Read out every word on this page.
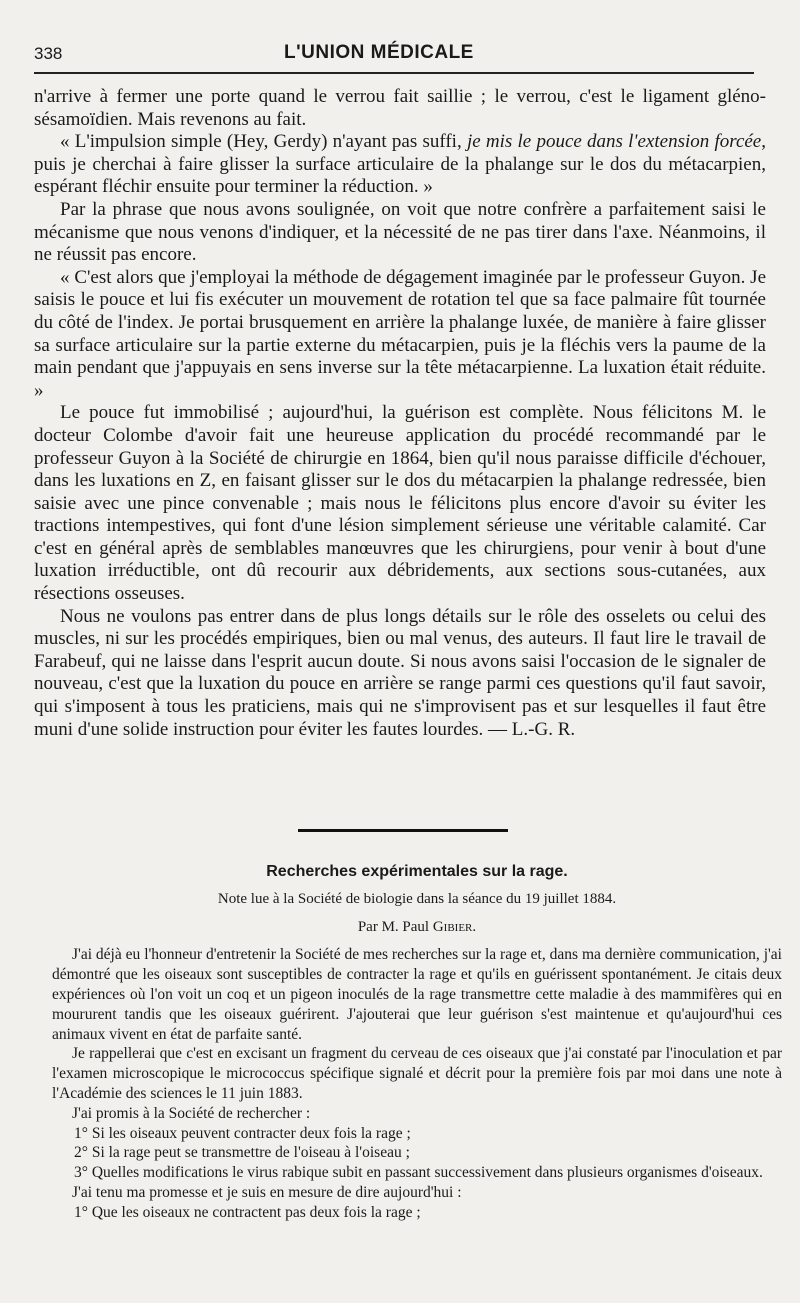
338	L'UNION MÉDICALE

n'arrive à fermer une porte quand le verrou fait saillie ; le verrou, c'est le ligament gléno-sésamoïdien. Mais revenons au fait.

« L'impulsion simple (Hey, Gerdy) n'ayant pas suffi, je mis le pouce dans l'extension forcée, puis je cherchai à faire glisser la surface articulaire de la phalange sur le dos du métacarpien, espérant fléchir ensuite pour terminer la réduction. »

Par la phrase que nous avons soulignée, on voit que notre confrère a parfaitement saisi le mécanisme que nous venons d'indiquer, et la nécessité de ne pas tirer dans l'axe. Néanmoins, il ne réussit pas encore.

« C'est alors que j'employai la méthode de dégagement imaginée par le professeur Guyon. Je saisis le pouce et lui fis exécuter un mouvement de rotation tel que sa face palmaire fût tournée du côté de l'index. Je portai brusquement en arrière la phalange luxée, de manière à faire glisser sa surface articulaire sur la partie externe du métacarpien, puis je la fléchis vers la paume de la main pendant que j'appuyais en sens inverse sur la tête métacarpienne. La luxation était réduite. »

Le pouce fut immobilisé ; aujourd'hui, la guérison est complète. Nous félicitons M. le docteur Colombe d'avoir fait une heureuse application du procédé recommandé par le professeur Guyon à la Société de chirurgie en 1864, bien qu'il nous paraisse difficile d'échouer, dans les luxations en Z, en faisant glisser sur le dos du métacarpien la phalange redressée, bien saisie avec une pince convenable ; mais nous le félicitons plus encore d'avoir su éviter les tractions intempestives, qui font d'une lésion simplement sérieuse une véritable calamité. Car c'est en général après de semblables manœuvres que les chirurgiens, pour venir à bout d'une luxation irréductible, ont dû recourir aux débridements, aux sections sous-cutanées, aux résections osseuses.

Nous ne voulons pas entrer dans de plus longs détails sur le rôle des osselets ou celui des muscles, ni sur les procédés empiriques, bien ou mal venus, des auteurs. Il faut lire le travail de Farabeuf, qui ne laisse dans l'esprit aucun doute. Si nous avons saisi l'occasion de le signaler de nouveau, c'est que la luxation du pouce en arrière se range parmi ces questions qu'il faut savoir, qui s'imposent à tous les praticiens, mais qui ne s'improvisent pas et sur lesquelles il faut être muni d'une solide instruction pour éviter les fautes lourdes. — L.-G. R.

Recherches expérimentales sur la rage.
Note lue à la Société de biologie dans la séance du 19 juillet 1884.
Par M. Paul Gibier.

J'ai déjà eu l'honneur d'entretenir la Société de mes recherches sur la rage et, dans ma dernière communication, j'ai démontré que les oiseaux sont susceptibles de contracter la rage et qu'ils en guérissent spontanément. Je citais deux expériences où l'on voit un coq et un pigeon inoculés de la rage transmettre cette maladie à des mammifères qui en moururent tandis que les oiseaux guérirent. J'ajouterai que leur guérison s'est maintenue et qu'aujourd'hui ces animaux vivent en état de parfaite santé.

Je rappellerai que c'est en excisant un fragment du cerveau de ces oiseaux que j'ai constaté par l'inoculation et par l'examen microscopique le micrococcus spécifique signalé et décrit pour la première fois par moi dans une note à l'Académie des sciences le 11 juin 1883.

J'ai promis à la Société de rechercher :

1° Si les oiseaux peuvent contracter deux fois la rage ;

2° Si la rage peut se transmettre de l'oiseau à l'oiseau ;

3° Quelles modifications le virus rabique subit en passant successivement dans plusieurs organismes d'oiseaux.

J'ai tenu ma promesse et je suis en mesure de dire aujourd'hui :

1° Que les oiseaux ne contractent pas deux fois la rage ;
